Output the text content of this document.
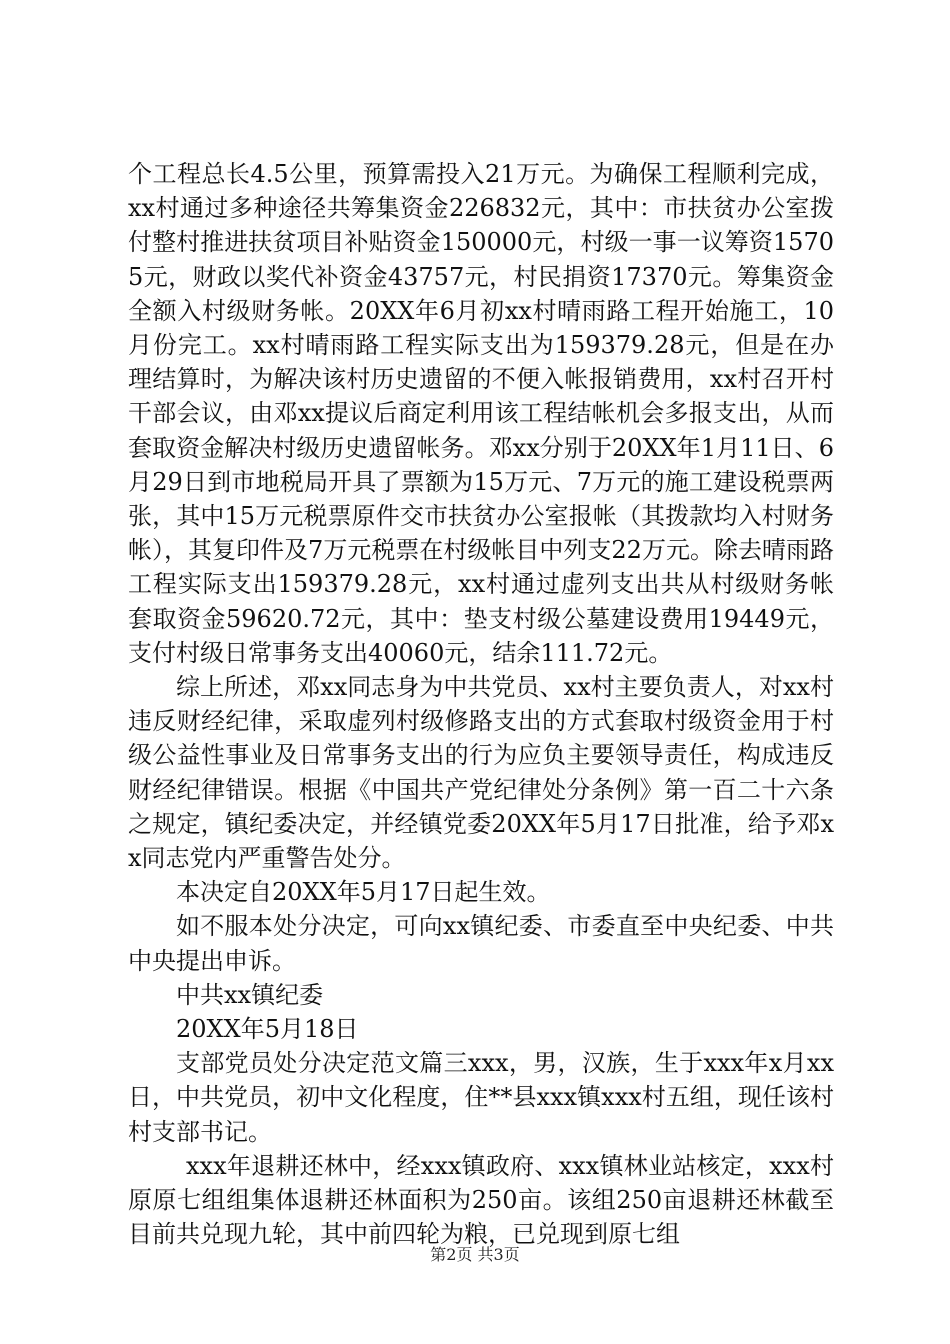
个工程总长4.5公里，预算需投入21万元。为确保工程顺利完成，xx村通过多种途径共筹集资金226832元，其中：市扶贫办公室拨付整村推进扶贫项目补贴资金150000元，村级一事一议筹资15705元，财政以奖代补资金43757元，村民捐资17370元。筹集资金全额入村级财务帐。20XX年6月初xx村晴雨路工程开始施工，10月份完工。xx村晴雨路工程实际支出为159379.28元，但是在办理结算时，为解决该村历史遗留的不便入帐报销费用，xx村召开村干部会议，由邓xx提议后商定利用该工程结帐机会多报支出，从而套取资金解决村级历史遗留帐务。邓xx分别于20XX年1月11日、6月29日到市地税局开具了票额为15万元、7万元的施工建设税票两张，其中15万元税票原件交市扶贫办公室报帐（其拨款均入村财务帐），其复印件及7万元税票在村级帐目中列支22万元。除去晴雨路工程实际支出159379.28元，xx村通过虚列支出共从村级财务帐套取资金59620.72元，其中：垫支村级公墓建设费用19449元，支付村级日常事务支出40060元，结余111.72元。

综上所述，邓xx同志身为中共党员、xx村主要负责人，对xx村违反财经纪律，采取虚列村级修路支出的方式套取村级资金用于村级公益性事业及日常事务支出的行为应负主要领导责任，构成违反财经纪律错误。根据《中国共产党纪律处分条例》第一百二十六条之规定，镇纪委决定，并经镇党委20XX年5月17日批准，给予邓xx同志党内严重警告处分。

本决定自20XX年5月17日起生效。

如不服本处分决定，可向xx镇纪委、市委直至中央纪委、中共中央提出申诉。

中共xx镇纪委

20XX年5月18日

支部党员处分决定范文篇三xxx，男，汉族，生于xxx年x月xx日，中共党员，初中文化程度，住**县xxx镇xxx村五组，现任该村村支部书记。

xxx年退耕还林中，经xxx镇政府、xxx镇林业站核定，xxx村原原七组组集体退耕还林面积为250亩。该组250亩退耕还林截至目前共兑现九轮，其中前四轮为粮，已兑现到原七组

第2页 共3页
